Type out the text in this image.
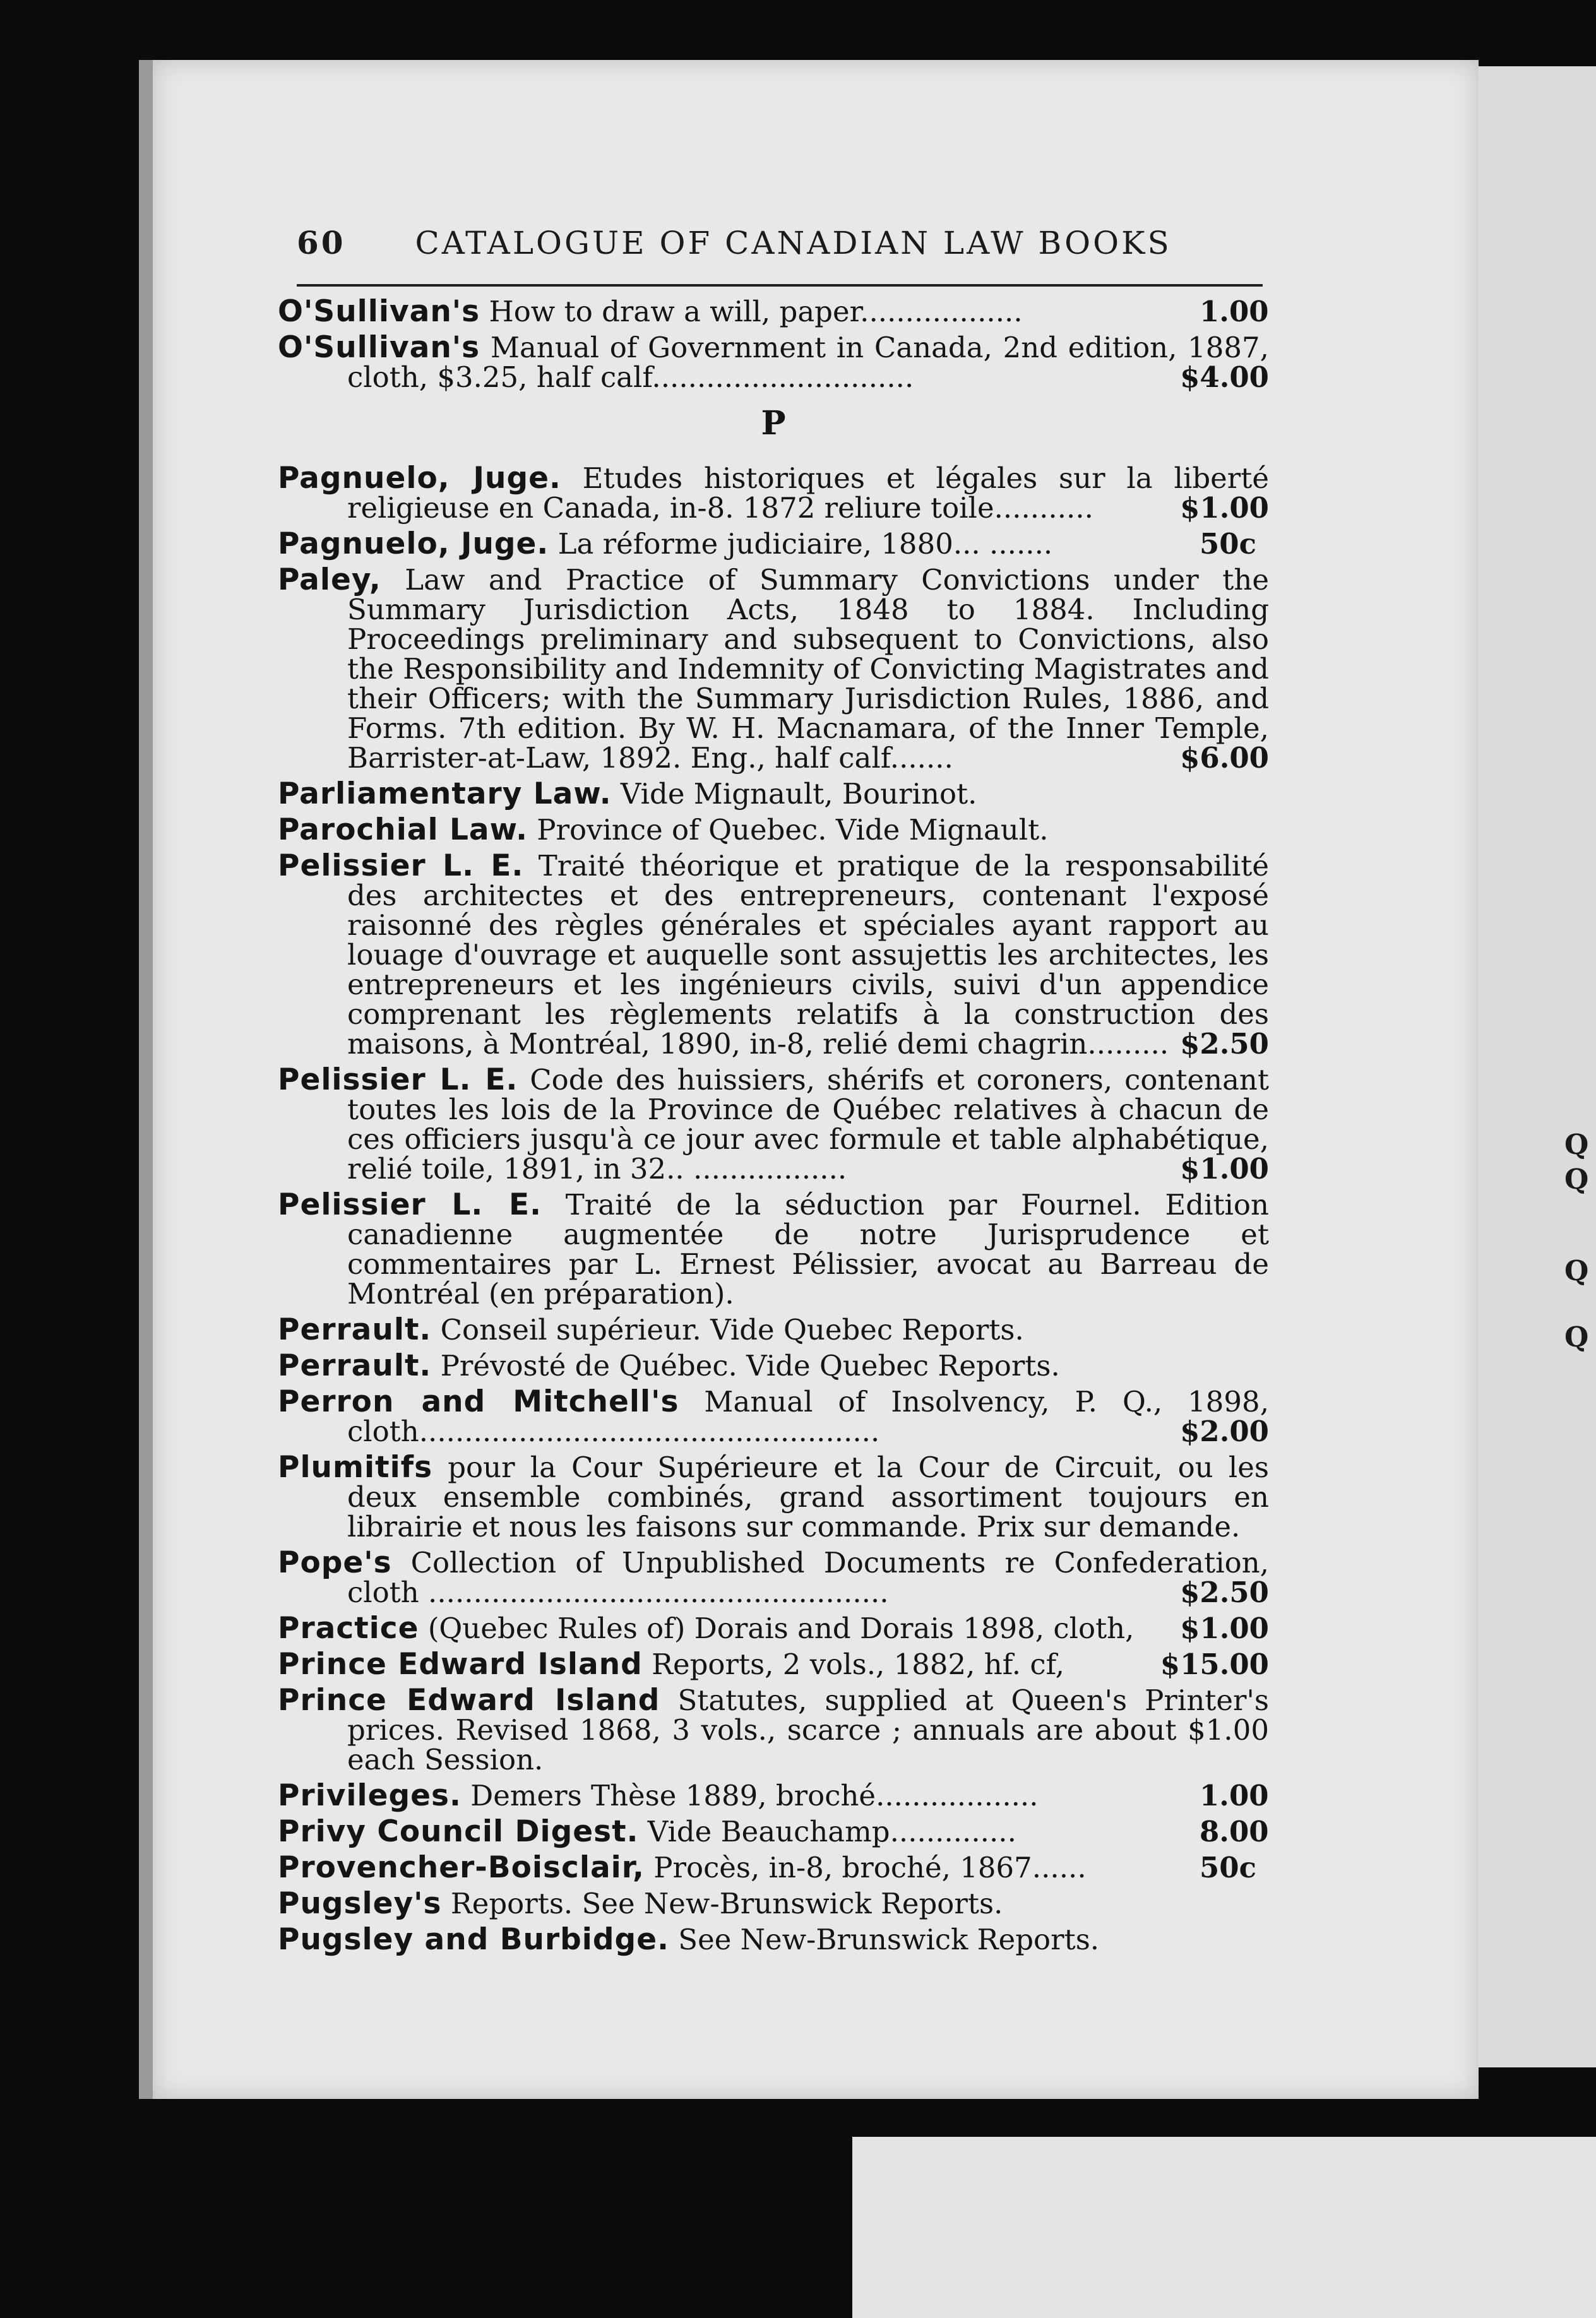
Q
Q
Q
Q
60 CATALOGUE OF CANADIAN LAW BOOKS
O'Sullivan's How to draw a will, paper..................	1.00
O'Sullivan's Manual of Government in Canada, 2nd edition, 1887, cloth, $3.25, half calf.............................	$4.00
P
Pagnuelo, Juge. Etudes historiques et légales sur la liberté religieuse en Canada, in-8. 1872 reliure toile...........	$1.00
Pagnuelo, Juge. La réforme judiciaire, 1880... .......	50c
Paley, Law and Practice of Summary Convictions under the Summary Jurisdiction Acts, 1848 to 1884. Including Proceedings preliminary and subsequent to Convictions, also the Responsibility and Indemnity of Convicting Magistrates and their Officers; with the Summary Jurisdiction Rules, 1886, and Forms. 7th edition. By W. H. Macnamara, of the Inner Temple, Barrister-at-Law, 1892. Eng., half calf.......	$6.00
Parliamentary Law. Vide Mignault, Bourinot.
Parochial Law. Province of Quebec. Vide Mignault.
Pelissier L. E. Traité théorique et pratique de la responsabilité des architectes et des entrepreneurs, contenant l'exposé raisonné des règles générales et spéciales ayant rapport au louage d'ouvrage et auquelle sont assujettis les architectes, les entrepreneurs et les ingénieurs civils, suivi d'un appendice comprenant les règlements relatifs à la construction des maisons, à Montréal, 1890, in-8, relié demi chagrin......... $2.50
Pelissier L. E. Code des huissiers, shérifs et coroners, contenant toutes les lois de la Province de Québec relatives à chacun de ces officiers jusqu'à ce jour avec formule et table alphabétique, relié toile, 1891, in 32.. .................	$1.00
Pelissier L. E. Traité de la séduction par Fournel. Edition canadienne augmentée de notre Jurisprudence et commentaires par L. Ernest Pélissier, avocat au Barreau de Montréal (en préparation).
Perrault. Conseil supérieur. Vide Quebec Reports.
Perrault. Prévosté de Québec. Vide Quebec Reports.
Perron and Mitchell's Manual of Insolvency, P. Q., 1898, cloth...................................................	$2.00
Plumitifs pour la Cour Supérieure et la Cour de Circuit, ou les deux ensemble combinés, grand assortiment toujours en librairie et nous les faisons sur commande. Prix sur demande.
Pope's Collection of Unpublished Documents re Confederation, cloth ...................................................	$2.50
Practice (Quebec Rules of) Dorais and Dorais 1898, cloth, $1.00
Prince Edward Island Reports, 2 vols., 1882, hf. cf,	$15.00
Prince Edward Island Statutes, supplied at Queen's Printer's prices. Revised 1868, 3 vols., scarce ; annuals are about $1.00 each Session.
Privileges. Demers Thèse 1889, broché..................	1.00
Privy Council Digest. Vide Beauchamp..............	8.00
Provencher-Boisclair, Procès, in-8, broché, 1867......	50c
Pugsley's Reports. See New-Brunswick Reports.
Pugsley and Burbidge. See New-Brunswick Reports.
